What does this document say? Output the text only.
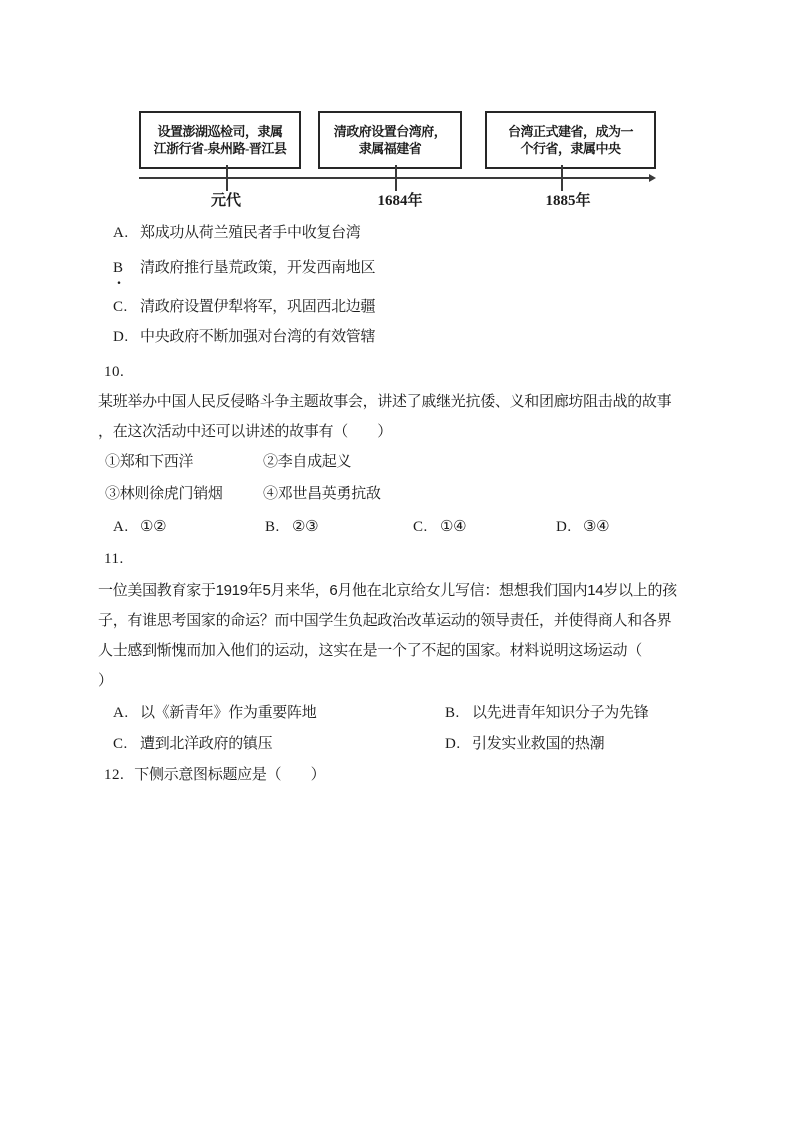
设置澎湖巡检司，隶属
江浙行省-泉州路-晋江县
清政府设置台湾府，
隶属福建省
台湾正式建省，成为一
个行省，隶属中央
元代	1684年	1885年
A. 郑成功从荷兰殖民者手中收复台湾
B 清政府推行垦荒政策，开发西南地区
.
C. 清政府设置伊犁将军，巩固西北边疆
D. 中央政府不断加强对台湾的有效管辖
10.
某班举办中国人民反侵略斗争主题故事会，讲述了戚继光抗倭、义和团廊坊阻击战的故事
，在这次活动中还可以讲述的故事有（　　）
①郑和下西洋	②李自成起义
③林则徐虎门销烟	④邓世昌英勇抗敌
A. ①②	B. ②③	C. ①④	D. ③④
11.
一位美国教育家于1919年5月来华，6月他在北京给女儿写信：想想我们国内14岁以上的孩
子，有谁思考国家的命运？而中国学生负起政治改革运动的领导责任，并使得商人和各界
人士感到惭愧而加入他们的运动，这实在是一个了不起的国家。材料说明这场运动（
）
A. 以《新青年》作为重要阵地	B. 以先进青年知识分子为先锋
C. 遭到北洋政府的镇压	D. 引发实业救国的热潮
12. 下侧示意图标题应是（　　）
